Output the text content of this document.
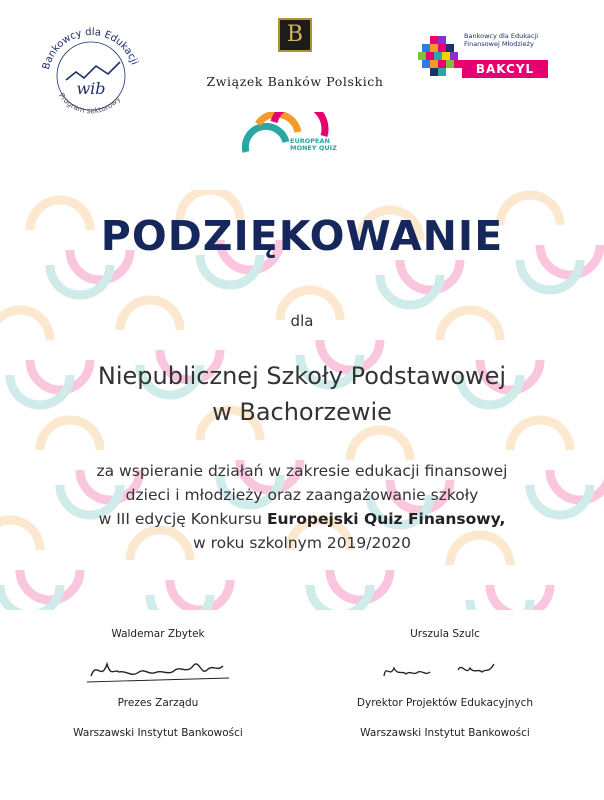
Bankowcy dla Edukacji
Program sektorowy
wib
B
Związek Banków Polskich
Bankowcy dla Edukacji Finansowej Młodzieży
BAKCYL
EUROPEAN MONEY QUIZ
PODZIĘKOWANIE
dla
Niepublicznej Szkoły Podstawowej
w Bachorzewie
za wspieranie działań w zakresie edukacji finansowej
dzieci i młodzieży oraz zaangażowanie szkoły
w III edycję Konkursu Europejski Quiz Finansowy,
w roku szkolnym 2019/2020
Waldemar Zbytek
Prezes Zarządu
Warszawski Instytut Bankowości
Urszula Szulc
Dyrektor Projektów Edukacyjnych
Warszawski Instytut Bankowości
